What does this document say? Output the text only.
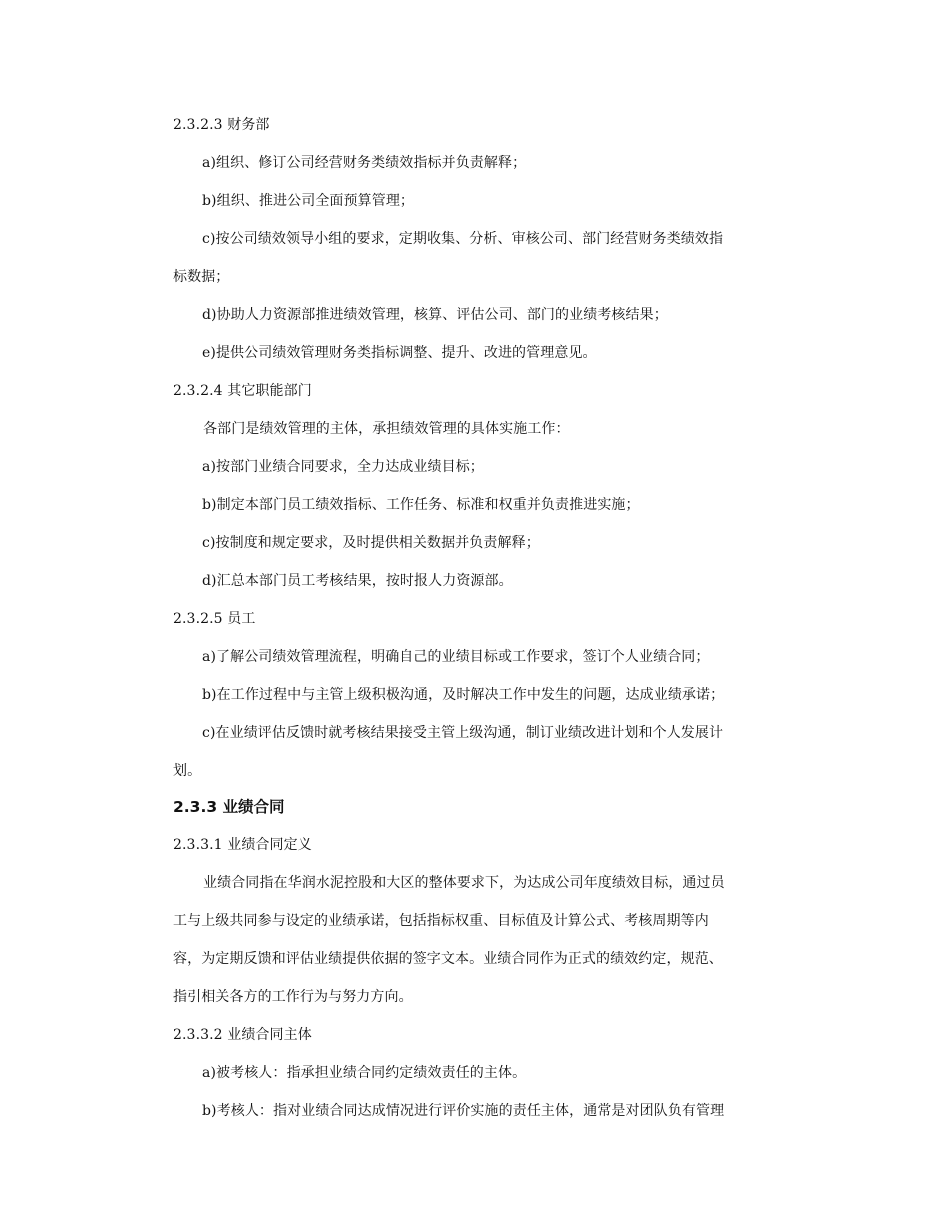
2.3.2.3 财务部
a)组织、修订公司经营财务类绩效指标并负责解释；
b)组织、推进公司全面预算管理；
c)按公司绩效领导小组的要求，定期收集、分析、审核公司、部门经营财务类绩效指
标数据；
d)协助人力资源部推进绩效管理，核算、评估公司、部门的业绩考核结果；
e)提供公司绩效管理财务类指标调整、提升、改进的管理意见。
2.3.2.4 其它职能部门
各部门是绩效管理的主体，承担绩效管理的具体实施工作：
a)按部门业绩合同要求，全力达成业绩目标；
b)制定本部门员工绩效指标、工作任务、标准和权重并负责推进实施；
c)按制度和规定要求，及时提供相关数据并负责解释；
d)汇总本部门员工考核结果，按时报人力资源部。
2.3.2.5 员工
a)了解公司绩效管理流程，明确自己的业绩目标或工作要求，签订个人业绩合同；
b)在工作过程中与主管上级积极沟通，及时解决工作中发生的问题，达成业绩承诺；
c)在业绩评估反馈时就考核结果接受主管上级沟通，制订业绩改进计划和个人发展计
划。
2.3.3 业绩合同
2.3.3.1 业绩合同定义
业绩合同指在华润水泥控股和大区的整体要求下，为达成公司年度绩效目标，通过员
工与上级共同参与设定的业绩承诺，包括指标权重、目标值及计算公式、考核周期等内
容，为定期反馈和评估业绩提供依据的签字文本。业绩合同作为正式的绩效约定，规范、
指引相关各方的工作行为与努力方向。
2.3.3.2 业绩合同主体
a)被考核人：指承担业绩合同约定绩效责任的主体。
b)考核人：指对业绩合同达成情况进行评价实施的责任主体，通常是对团队负有管理
